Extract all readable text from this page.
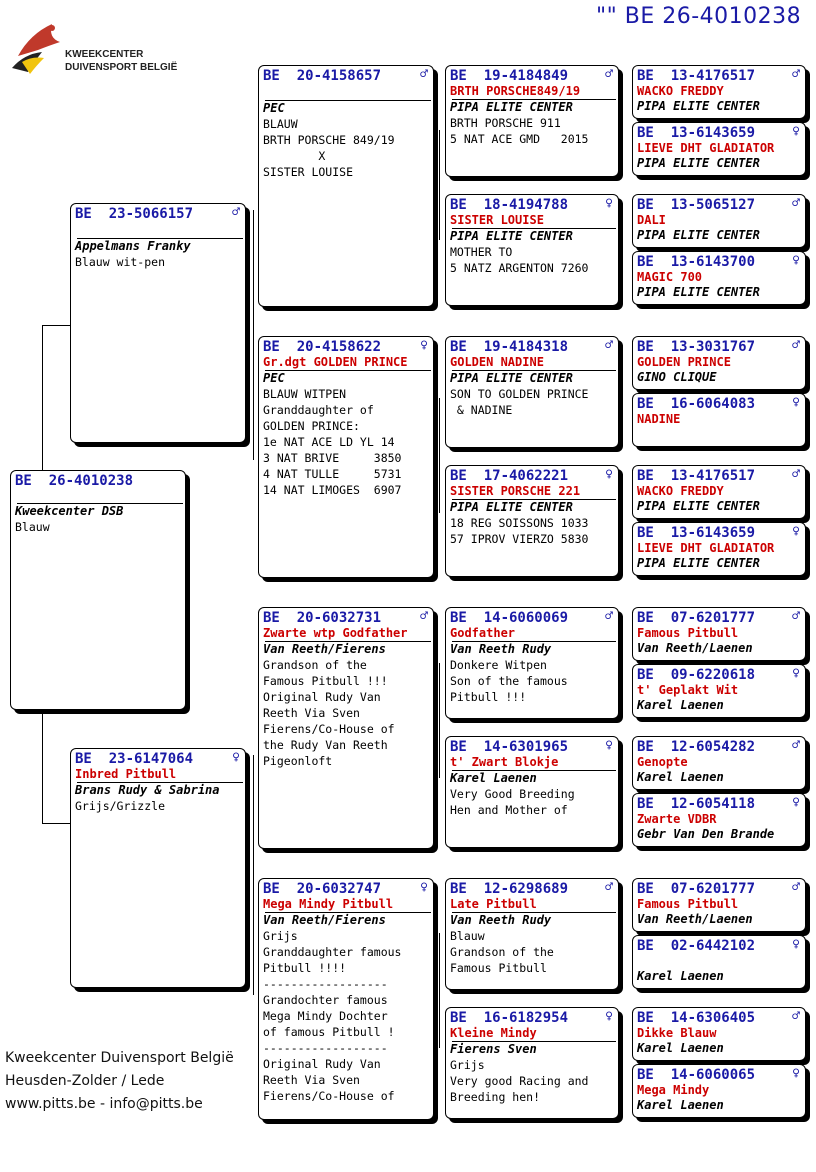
KWEEKCENTER
DUIVENSPORT BELGIË
"" BE 26-4010238
BE  26-4010238
Kweekcenter DSB
Blauw
BE  23-5066157	♂
Appelmans Franky
Blauw wit-pen
BE  23-6147064	♀
Inbred Pitbull
Brans Rudy & Sabrina
Grijs/Grizzle
BE  20-4158657	♂
PEC
BLAUW
BRTH PORSCHE 849/19
X
SISTER LOUISE
BE  20-4158622	♀
Gr.dgt GOLDEN PRINCE
PEC
BLAUW WITPEN
Granddaughter of
GOLDEN PRINCE:
1e NAT ACE LD YL 14
3 NAT BRIVE     3850
4 NAT TULLE     5731
14 NAT LIMOGES  6907
BE  20-6032731	♂
Zwarte wtp Godfather
Van Reeth/Fierens
Grandson of the
Famous Pitbull !!!
Original Rudy Van
Reeth Via Sven
Fierens/Co-House of
the Rudy Van Reeth
Pigeonloft
BE  20-6032747	♀
Mega Mindy Pitbull
Van Reeth/Fierens
Grijs
Granddaughter famous
Pitbull !!!!
------------------
Grandochter famous
Mega Mindy Dochter
of famous Pitbull !
------------------
Original Rudy Van
Reeth Via Sven
Fierens/Co-House of
BE  19-4184849	♂
BRTH PORSCHE849/19
PIPA ELITE CENTER
BRTH PORSCHE 911
5 NAT ACE GMD   2015
BE  18-4194788	♀
SISTER LOUISE
PIPA ELITE CENTER
MOTHER TO
5 NATZ ARGENTON 7260
BE  19-4184318	♂
GOLDEN NADINE
PIPA ELITE CENTER
SON TO GOLDEN PRINCE
& NADINE
BE  17-4062221	♀
SISTER PORSCHE 221
PIPA ELITE CENTER
18 REG SOISSONS 1033
57 IPROV VIERZO 5830
BE  14-6060069	♂
Godfather
Van Reeth Rudy
Donkere Witpen
Son of the famous
Pitbull !!!
BE  14-6301965	♀
t' Zwart Blokje
Karel Laenen
Very Good Breeding
Hen and Mother of
BE  12-6298689	♂
Late Pitbull
Van Reeth Rudy
Blauw
Grandson of the
Famous Pitbull
BE  16-6182954	♀
Kleine Mindy
Fierens Sven
Grijs
Very good Racing and
Breeding hen!
BE  13-4176517	♂
WACKO FREDDY
PIPA ELITE CENTER
BE  13-6143659	♀
LIEVE DHT GLADIATOR
PIPA ELITE CENTER
BE  13-5065127	♂
DALI
PIPA ELITE CENTER
BE  13-6143700	♀
MAGIC 700
PIPA ELITE CENTER
BE  13-3031767	♂
GOLDEN PRINCE
GINO CLIQUE
BE  16-6064083	♀
NADINE
BE  13-4176517	♂
WACKO FREDDY
PIPA ELITE CENTER
BE  13-6143659	♀
LIEVE DHT GLADIATOR
PIPA ELITE CENTER
BE  07-6201777	♂
Famous Pitbull
Van Reeth/Laenen
BE  09-6220618	♀
t' Geplakt Wit
Karel Laenen
BE  12-6054282	♂
Genopte
Karel Laenen
BE  12-6054118	♀
Zwarte VDBR
Gebr Van Den Brande
BE  07-6201777	♂
Famous Pitbull
Van Reeth/Laenen
BE  02-6442102	♀
Karel Laenen
BE  14-6306405	♂
Dikke Blauw
Karel Laenen
BE  14-6060065	♀
Mega Mindy
Karel Laenen
Kweekcenter Duivensport België
Heusden-Zolder / Lede
www.pitts.be - info@pitts.be
